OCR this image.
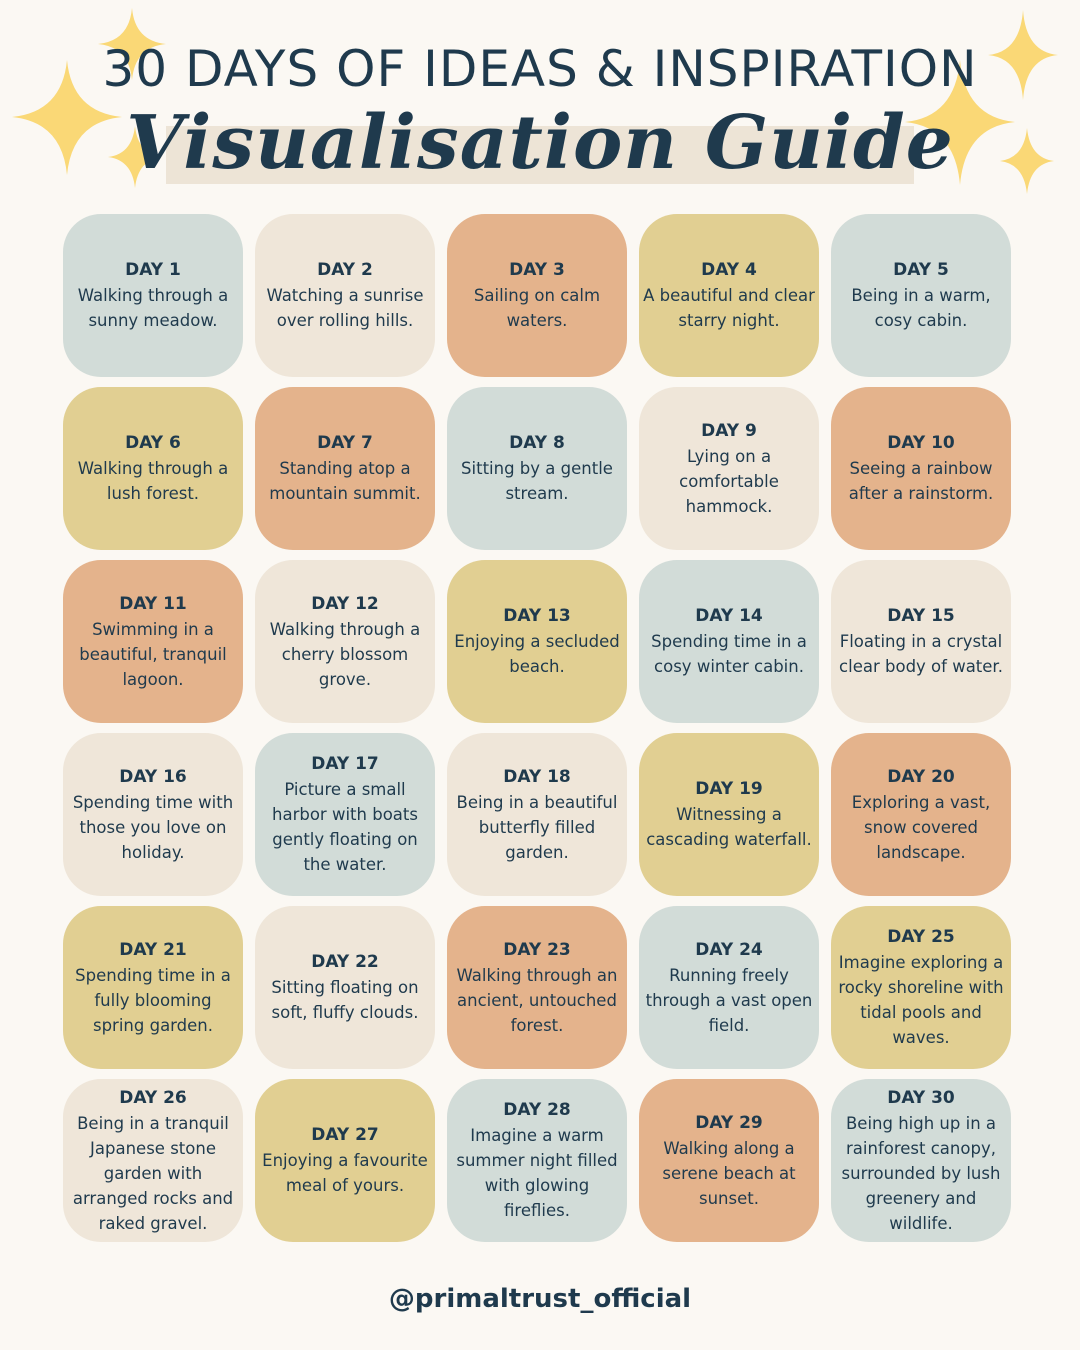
30 DAYS OF IDEAS & INSPIRATION
Visualisation Guide
DAY 1
Walking through a sunny meadow.
DAY 2
Watching a sunrise over rolling hills.
DAY 3
Sailing on calm waters.
DAY 4
A beautiful and clear starry night.
DAY 5
Being in a warm, cosy cabin.
DAY 6
Walking through a lush forest.
DAY 7
Standing atop a mountain summit.
DAY 8
Sitting by a gentle stream.
DAY 9
Lying on a comfortable hammock.
DAY 10
Seeing a rainbow after a rainstorm.
DAY 11
Swimming in a beautiful, tranquil lagoon.
DAY 12
Walking through a cherry blossom grove.
DAY 13
Enjoying a secluded beach.
DAY 14
Spending time in a cosy winter cabin.
DAY 15
Floating in a crystal clear body of water.
DAY 16
Spending time with those you love on holiday.
DAY 17
Picture a small harbor with boats gently floating on the water.
DAY 18
Being in a beautiful butterfly filled garden.
DAY 19
Witnessing a cascading waterfall.
DAY 20
Exploring a vast, snow covered landscape.
DAY 21
Spending time in a fully blooming spring garden.
DAY 22
Sitting floating on soft, fluffy clouds.
DAY 23
Walking through an ancient, untouched forest.
DAY 24
Running freely through a vast open field.
DAY 25
Imagine exploring a rocky shoreline with tidal pools and waves.
DAY 26
Being in a tranquil Japanese stone garden with arranged rocks and raked gravel.
DAY 27
Enjoying a favourite meal of yours.
DAY 28
Imagine a warm summer night filled with glowing fireflies.
DAY 29
Walking along a serene beach at sunset.
DAY 30
Being high up in a rainforest canopy, surrounded by lush greenery and wildlife.
@primaltrust_official
